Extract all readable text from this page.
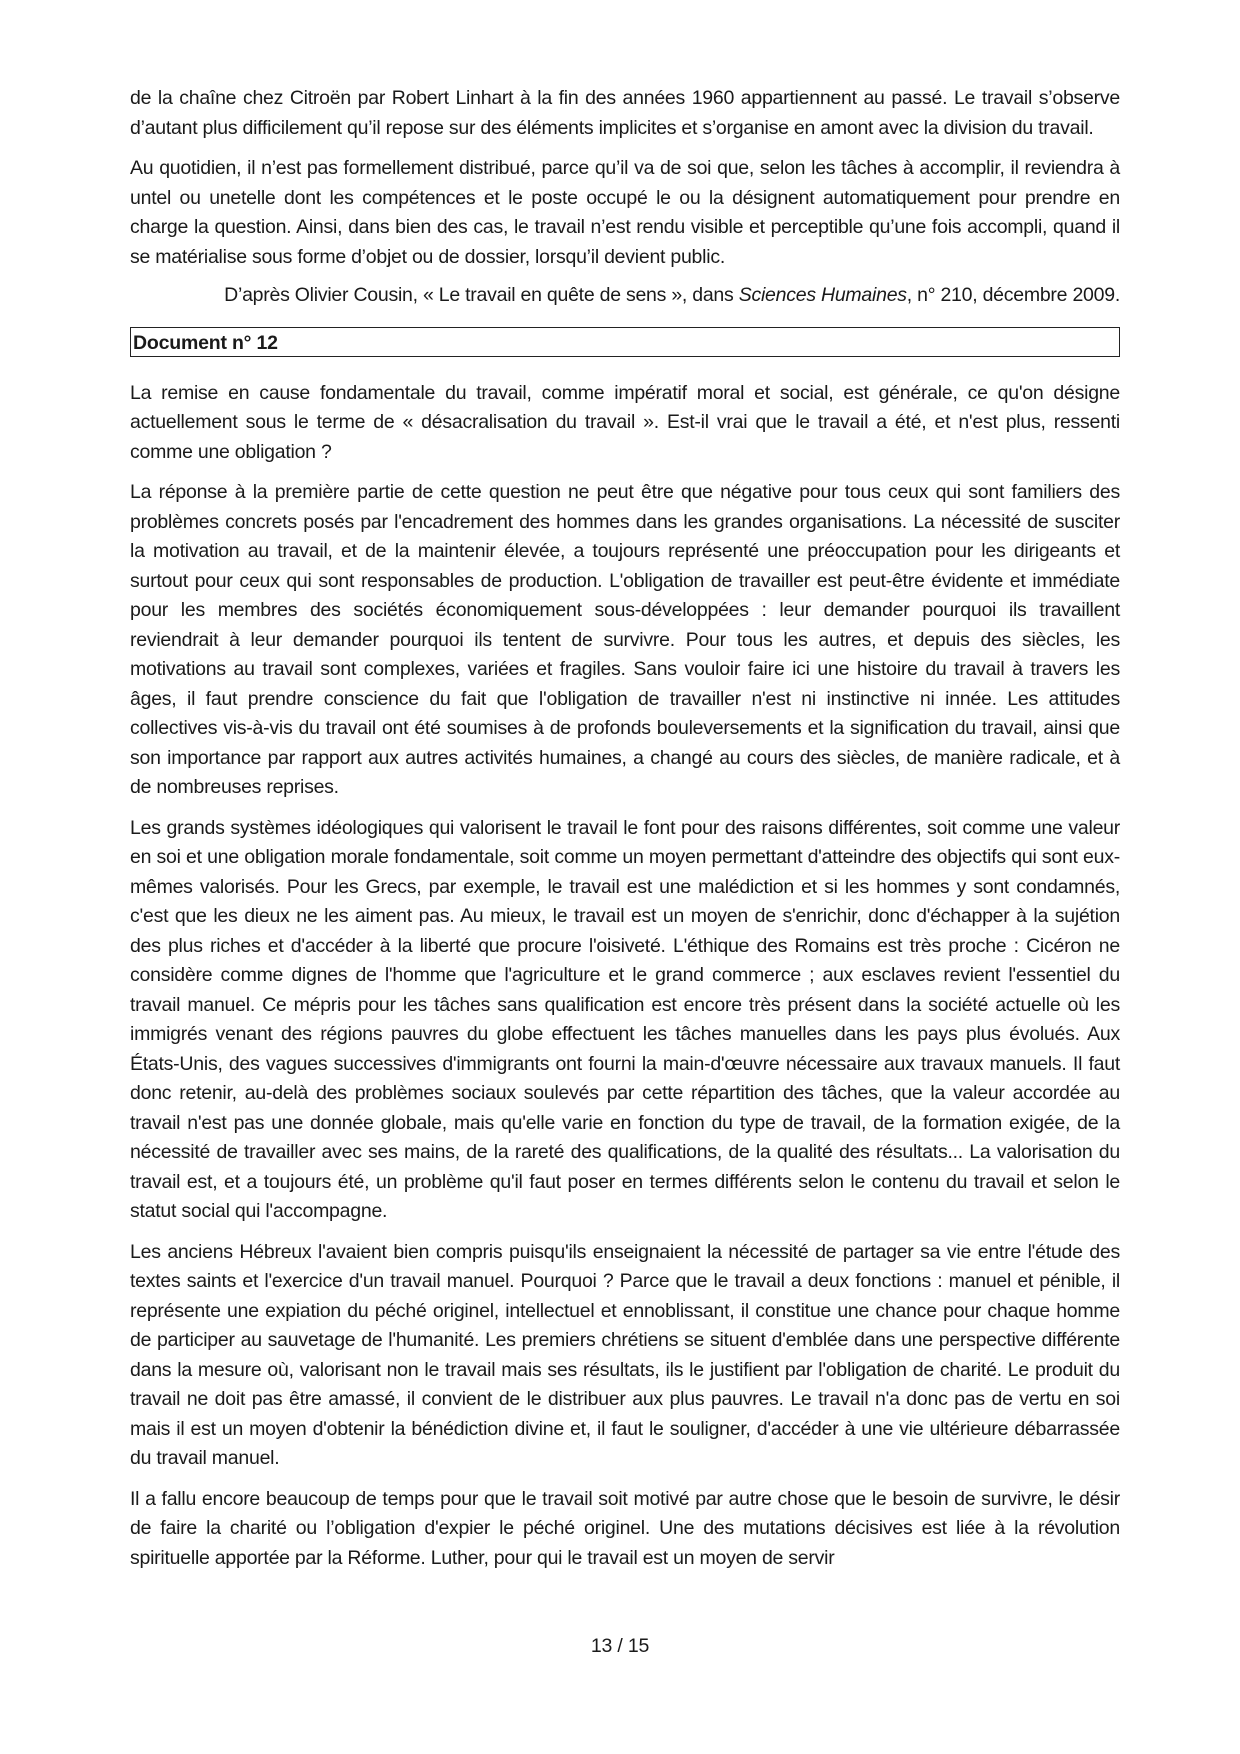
de la chaîne chez Citroën par Robert Linhart à la fin des années 1960 appartiennent au passé. Le travail s’observe d’autant plus difficilement qu’il repose sur des éléments implicites et s’organise en amont avec la division du travail.

Au quotidien, il n’est pas formellement distribué, parce qu’il va de soi que, selon les tâches à accomplir, il reviendra à untel ou unetelle dont les compétences et le poste occupé le ou la désignent automatiquement pour prendre en charge la question. Ainsi, dans bien des cas, le travail n’est rendu visible et perceptible qu’une fois accompli, quand il se matérialise sous forme d’objet ou de dossier, lorsqu’il devient public.

D’après Olivier Cousin, « Le travail en quête de sens », dans Sciences Humaines, n° 210, décembre 2009.

Document n° 12

La remise en cause fondamentale du travail, comme impératif moral et social, est générale, ce qu'on désigne actuellement sous le terme de « désacralisation du travail ». Est-il vrai que le travail a été, et n'est plus, ressenti comme une obligation ?

La réponse à la première partie de cette question ne peut être que négative pour tous ceux qui sont familiers des problèmes concrets posés par l'encadrement des hommes dans les grandes organisations. La nécessité de susciter la motivation au travail, et de la maintenir élevée, a toujours représenté une préoccupation pour les dirigeants et surtout pour ceux qui sont responsables de production. L'obligation de travailler est peut-être évidente et immédiate pour les membres des sociétés économiquement sous-développées : leur demander pourquoi ils travaillent reviendrait à leur demander pourquoi ils tentent de survivre. Pour tous les autres, et depuis des siècles, les motivations au travail sont complexes, variées et fragiles. Sans vouloir faire ici une histoire du travail à travers les âges, il faut prendre conscience du fait que l'obligation de travailler n'est ni instinctive ni innée. Les attitudes collectives vis-à-vis du travail ont été soumises à de profonds bouleversements et la signification du travail, ainsi que son importance par rapport aux autres activités humaines, a changé au cours des siècles, de manière radicale, et à de nombreuses reprises.

Les grands systèmes idéologiques qui valorisent le travail le font pour des raisons différentes, soit comme une valeur en soi et une obligation morale fondamentale, soit comme un moyen permettant d'atteindre des objectifs qui sont eux-mêmes valorisés. Pour les Grecs, par exemple, le travail est une malédiction et si les hommes y sont condamnés, c'est que les dieux ne les aiment pas. Au mieux, le travail est un moyen de s'enrichir, donc d'échapper à la sujétion des plus riches et d'accéder à la liberté que procure l'oisiveté. L'éthique des Romains est très proche : Cicéron ne considère comme dignes de l'homme que l'agriculture et le grand commerce ; aux esclaves revient l'essentiel du travail manuel. Ce mépris pour les tâches sans qualification est encore très présent dans la société actuelle où les immigrés venant des régions pauvres du globe effectuent les tâches manuelles dans les pays plus évolués. Aux États-Unis, des vagues successives d'immigrants ont fourni la main-d'œuvre nécessaire aux travaux manuels. Il faut donc retenir, au-delà des problèmes sociaux soulevés par cette répartition des tâches, que la valeur accordée au travail n'est pas une donnée globale, mais qu'elle varie en fonction du type de travail, de la formation exigée, de la nécessité de travailler avec ses mains, de la rareté des qualifications, de la qualité des résultats... La valorisation du travail est, et a toujours été, un problème qu'il faut poser en termes différents selon le contenu du travail et selon le statut social qui l'accompagne.

Les anciens Hébreux l'avaient bien compris puisqu'ils enseignaient la nécessité de partager sa vie entre l'étude des textes saints et l'exercice d'un travail manuel. Pourquoi ? Parce que le travail a deux fonctions : manuel et pénible, il représente une expiation du péché originel, intellectuel et ennoblissant, il constitue une chance pour chaque homme de participer au sauvetage de l'humanité. Les premiers chrétiens se situent d'emblée dans une perspective différente dans la mesure où, valorisant non le travail mais ses résultats, ils le justifient par l'obligation de charité. Le produit du travail ne doit pas être amassé, il convient de le distribuer aux plus pauvres. Le travail n'a donc pas de vertu en soi mais il est un moyen d'obtenir la bénédiction divine et, il faut le souligner, d'accéder à une vie ultérieure débarrassée du travail manuel.

Il a fallu encore beaucoup de temps pour que le travail soit motivé par autre chose que le besoin de survivre, le désir de faire la charité ou l’obligation d'expier le péché originel. Une des mutations décisives est liée à la révolution spirituelle apportée par la Réforme. Luther, pour qui le travail est un moyen de servir

13 / 15
